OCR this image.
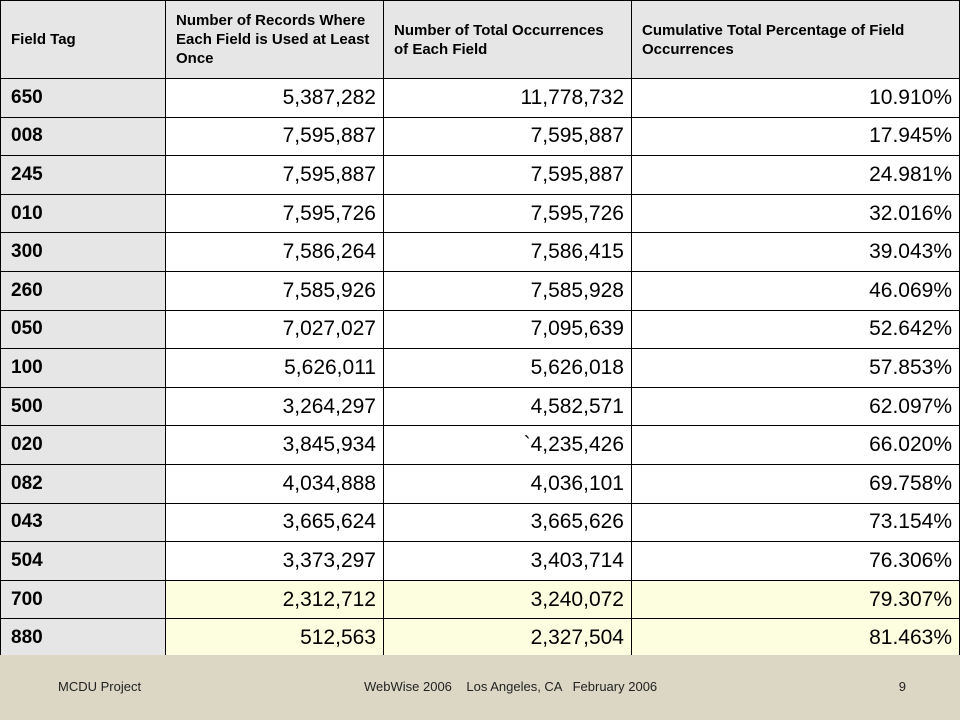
Field Tag	Number of Records Where Each Field is Used at Least Once	Number of Total Occurrences of Each Field	Cumulative Total Percentage of Field Occurrences
650	5,387,282	11,778,732	10.910%
008	7,595,887	7,595,887	17.945%
245	7,595,887	7,595,887	24.981%
010	7,595,726	7,595,726	32.016%
300	7,586,264	7,586,415	39.043%
260	7,585,926	7,585,928	46.069%
050	7,027,027	7,095,639	52.642%
100	5,626,011	5,626,018	57.853%
500	3,264,297	4,582,571	62.097%
020	3,845,934	`4,235,426	66.020%
082	4,034,888	4,036,101	69.758%
043	3,665,624	3,665,626	73.154%
504	3,373,297	3,403,714	76.306%
700	2,312,712	3,240,072	79.307%
880	512,563	2,327,504	81.463%
MCDU Project	WebWise 2006    Los Angeles, CA   February 2006	9
